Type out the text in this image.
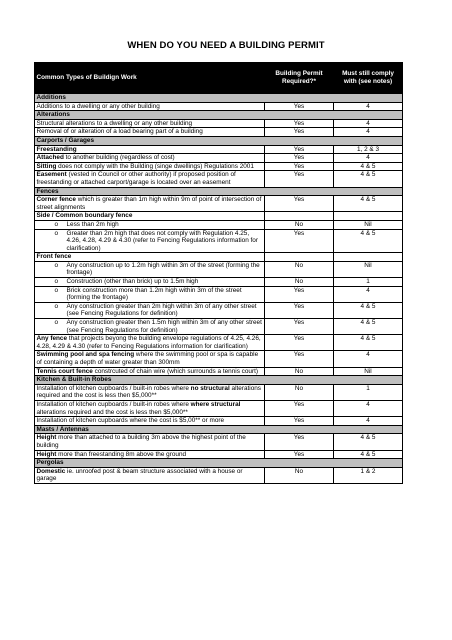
WHEN DO YOU NEED A BUILDING PERMIT
Common Types of Buildign Work	Building Permit Required?*	Must still comply with (see notes)
Additions		
Additions to a dwelling or any other building	Yes	4
Alterations		
Structural alterations to a dwelling or any other building	Yes	4
Removal of or alteration of a load bearing part of a building	Yes	4
Carports / Garages		
Freestanding	Yes	1, 2 & 3
Attached to another building (regardless of cost)	Yes	4
Sitting does not comply with the Building (singe dwellings) Regulations 2001	Yes	4 & 5
Easement (vested in Council or other authority) if proposed position of freestanding or attached carport/garage is located over an easement	Yes	4 & 5
Fences		
Corner fence which is greater than 1m high within 9m of point of intersection of street alignments	Yes	4 & 5
Side / Common boundary fence		

o Less than 2m high	No	Nil

o Greater than 2m high that does not comply with Regulation 4.25, 4.26, 4.28, 4.29 & 4.30 (refer to Fencing Regulations information for clarification)	Yes	4 & 5
Front fence		

o Any construction up to 1.2m high within 3m of the street (forming the frontage)	No	Nil

o Construction (other than brick) up to 1.5m high	No	1

o Brick construction more than 1.2m high within 3m of the street (forming the frontage)	Yes	4

o Any construction greater than 2m high within 3m of any other street (see Fencing Regulations for definition)	Yes	4 & 5

o Any construction greater then 1.5m high within 3m of any other street (see Fencing Regulations for definition)	Yes	4 & 5
Any fence that projects beyong the building envelope regulations of 4.25, 4.26, 4.28, 4.29 & 4.30 (refer to Fencing Regulations information for clarification)	Yes	4 & 5
Swimming pool and spa fencing where the swimming pool or spa is capable of containing a depth of water greater than 300mm	Yes	4
Tennis court fence constrcuted of chain wire (which surrounds a tennis court)	No	Nil
Kitchen & Built-in Robes		
Installation of kitchen cupboards / built-in robes where no structural alterations required and the cost is less then $5,000**	No	1
Installation of kitchen cupboards / built-in robes where where structural alterations required and the cost is less then $5,000**	Yes	4
Installation of kitchen cupboards where the cost is $5,00** or more	Yes	4
Masts / Antennas		
Height more than attached to a building 3m above the highest point of the building	Yes	4 & 5
Height more than freestanding 8m above the ground	Yes	4 & 5
Pergolas		
Domestic ie. unroofed post & beam structure associated with a house or garage	No	1 & 2
